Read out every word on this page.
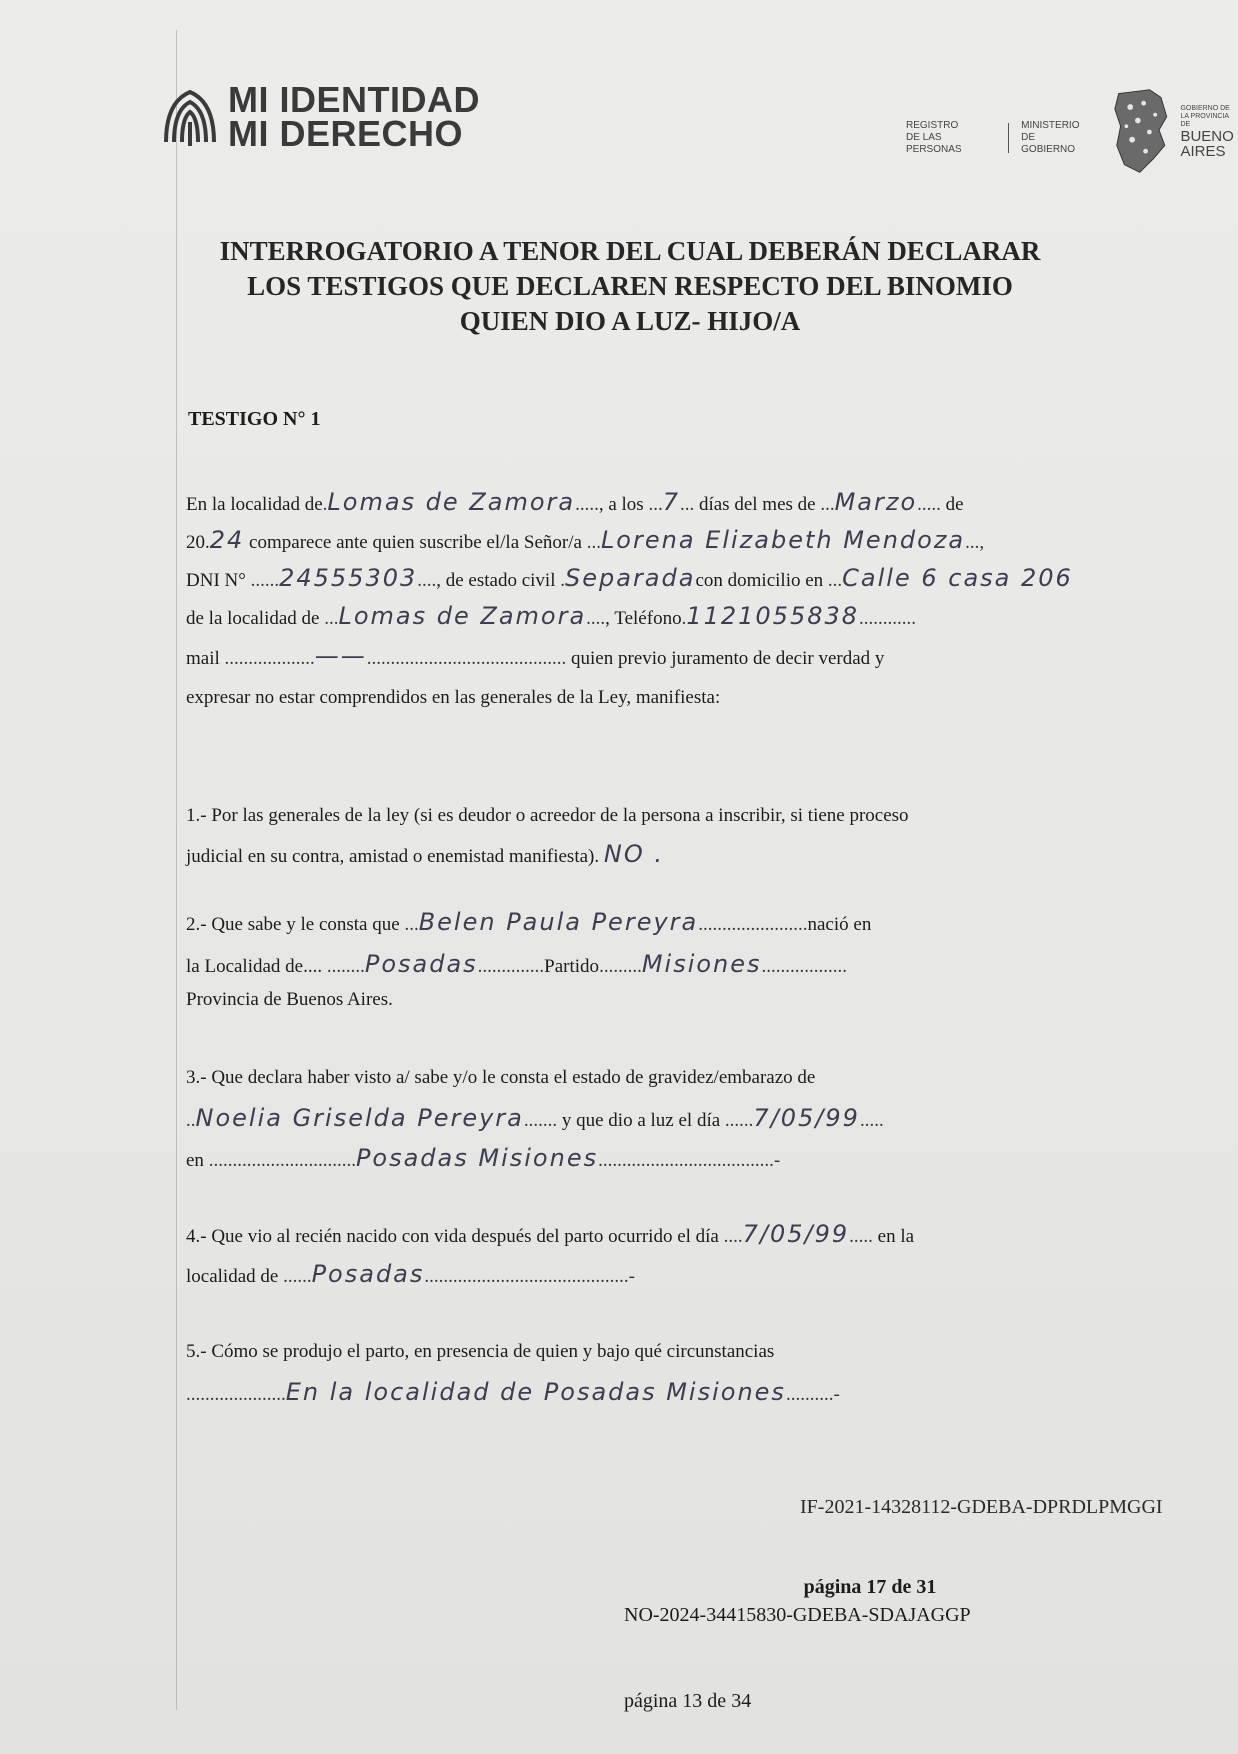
MI IDENTIDAD
MI DERECHO	REGISTRO
DE LAS PERSONAS
MINISTERIO
DE GOBIERNO
GOBIERNO DE
LA PROVINCIA DE
BUENO
AIRES
INTERROGATORIO A TENOR DEL CUAL DEBERÁN DECLARAR
LOS TESTIGOS QUE DECLAREN RESPECTO DEL BINOMIO
QUIEN DIO A LUZ- HIJO/A
TESTIGO N° 1
En la localidad de.Lomas de Zamora....., a los ...7... días del mes de ...Marzo..... de
20.24 comparece ante quien suscribe el/la Señor/a ...Lorena Elizabeth Mendoza...,
DNI N° ......24555303...., de estado civil .Separadacon domicilio en ...Calle 6 casa 206
de la localidad de ...Lomas de Zamora...., Teléfono.1121055838............
mail ...................——.......................................... quien previo juramento de decir verdad y
expresar no estar comprendidos en las generales de la Ley, manifiesta:
1.- Por las generales de la ley (si es deudor o acreedor de la persona a inscribir, si tiene proceso
judicial en su contra, amistad o enemistad manifiesta). NO .
2.- Que sabe y le consta que ...Belen Paula Pereyra.......................nació en
la Localidad de.... ........Posadas..............Partido.........Misiones..................
Provincia de Buenos Aires.
3.- Que declara haber visto a/ sabe y/o le consta el estado de gravidez/embarazo de
..Noelia Griselda Pereyra....... y que dio a luz el día ......7/05/99.....
en ...............................Posadas Misiones.....................................-
4.- Que vio al recién nacido con vida después del parto ocurrido el día ....7/05/99..... en la
localidad de ......Posadas...........................................-
5.- Cómo se produjo el parto, en presencia de quien y bajo qué circunstancias
.....................En la localidad de Posadas Misiones..........-
IF-2021-14328112-GDEBA-DPRDLPMGGI
página 17 de 31
NO-2024-34415830-GDEBA-SDAJAGGP
página 13 de 34
